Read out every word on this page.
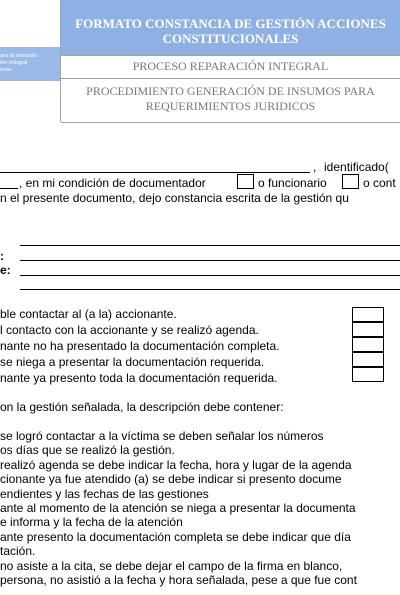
ara la atención
ión integral
imas
FORMATO CONSTANCIA DE GESTIÓN ACCIONES CONSTITUCIONALES
PROCESO REPARACIÓN INTEGRAL
PROCEDIMIENTO GENERACIÓN DE INSUMOS PARA REQUERIMIENTOS JURIDICOS
identificado(
,
, en mi condición de documentador	o funcionario	o cont
n el presente documento, dejo constancia escrita de la gestión qu
:
e:
ble contactar al (a la) accionante.
l contacto con la accionante y se realizó agenda.
nante no ha presentado la documentación completa.
se niega a presentar la documentación requerida.
nante ya presento toda la documentación requerida.
on la gestión señalada, la descripción debe contener:
se logró contactar a la víctima se deben señalar los números
os días que se realizó la gestión.
realizó agenda se debe indicar la fecha, hora y lugar de la agenda
cionante ya fue atendido (a) se debe indicar si presento docume
endientes y las fechas de las gestiones
ante al momento de la atención se niega a presentar la documenta
e informa y la fecha de la atención
ante presento la documentación completa se debe indicar que día
tación.
no asiste a la cita, se debe dejar el campo de la firma en blanco,
persona, no asistió a la fecha y hora señalada, pese a que fue cont
